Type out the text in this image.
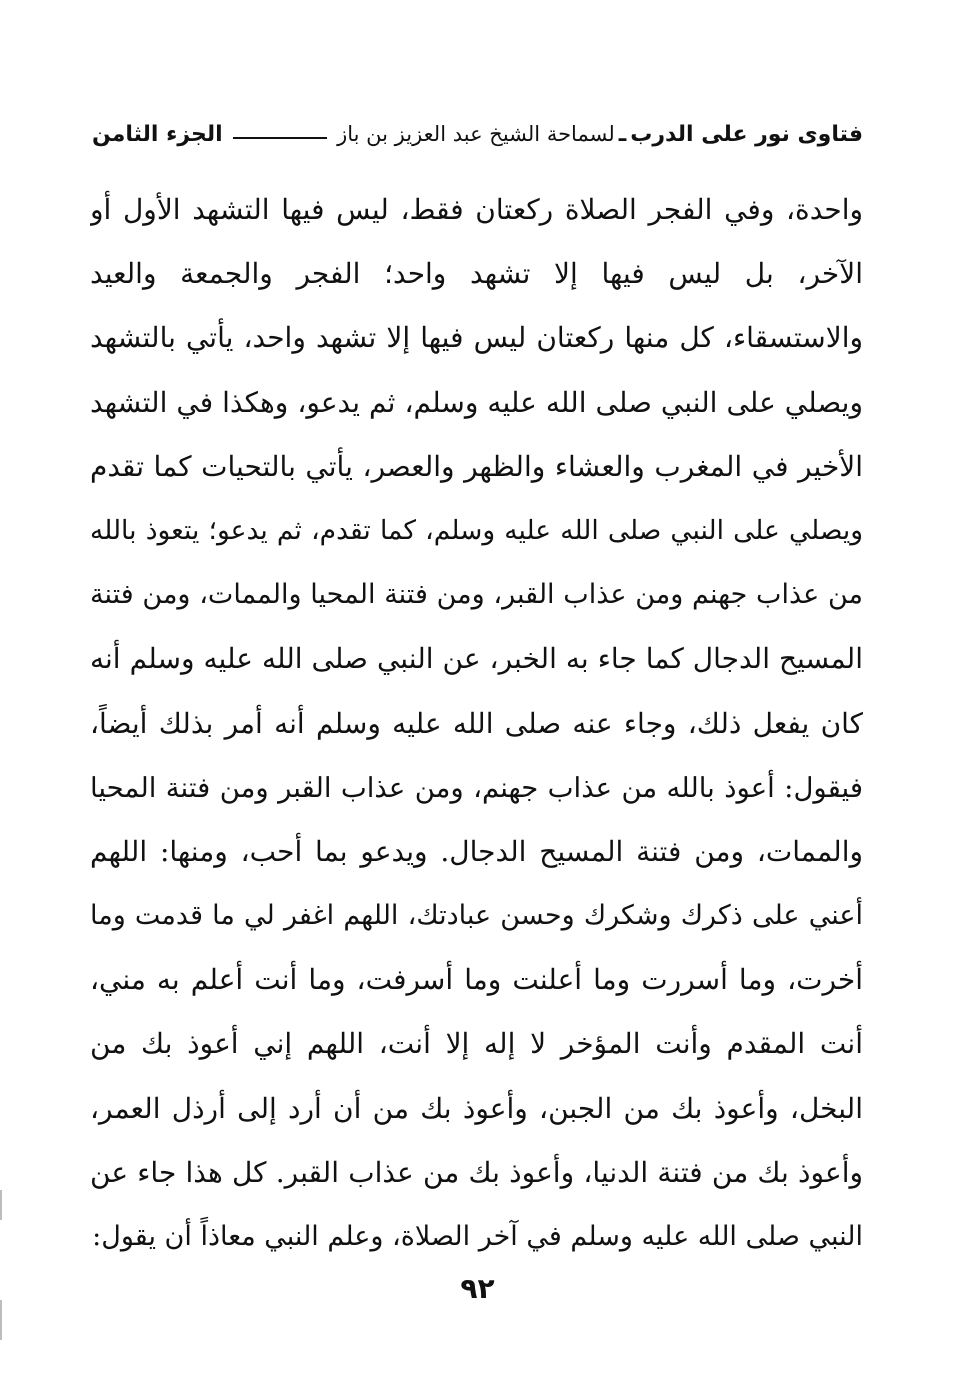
فتاوى نور على الدرب
ـ
لسماحة الشيخ عبد العزيز بن باز
الجزء الثامن
واحدة، وفي الفجر الصلاة ركعتان فقط، ليس فيها التشهد الأول أو
الآخر، بل ليس فيها إلا تشهد واحد؛ الفجر والجمعة والعيد
والاستسقاء، كل منها ركعتان ليس فيها إلا تشهد واحد، يأتي بالتشهد
ويصلي على النبي صلى الله عليه وسلم، ثم يدعو، وهكذا في التشهد
الأخير في المغرب والعشاء والظهر والعصر، يأتي بالتحيات كما تقدم
ويصلي على النبي صلى الله عليه وسلم، كما تقدم، ثم يدعو؛ يتعوذ بالله
من عذاب جهنم ومن عذاب القبر، ومن فتنة المحيا والممات، ومن فتنة
المسيح الدجال كما جاء به الخبر، عن النبي صلى الله عليه وسلم أنه
كان يفعل ذلك، وجاء عنه صلى الله عليه وسلم أنه أمر بذلك أيضاً،
فيقول: أعوذ بالله من عذاب جهنم، ومن عذاب القبر ومن فتنة المحيا
والممات، ومن فتنة المسيح الدجال. ويدعو بما أحب، ومنها: اللهم
أعني على ذكرك وشكرك وحسن عبادتك، اللهم اغفر لي ما قدمت وما
أخرت، وما أسررت وما أعلنت وما أسرفت، وما أنت أعلم به مني،
أنت المقدم وأنت المؤخر لا إله إلا أنت، اللهم إني أعوذ بك من
البخل، وأعوذ بك من الجبن، وأعوذ بك من أن أرد إلى أرذل العمر،
وأعوذ بك من فتنة الدنيا، وأعوذ بك من عذاب القبر. كل هذا جاء عن
النبي صلى الله عليه وسلم في آخر الصلاة، وعلم النبي معاذاً أن يقول:
٩٢
